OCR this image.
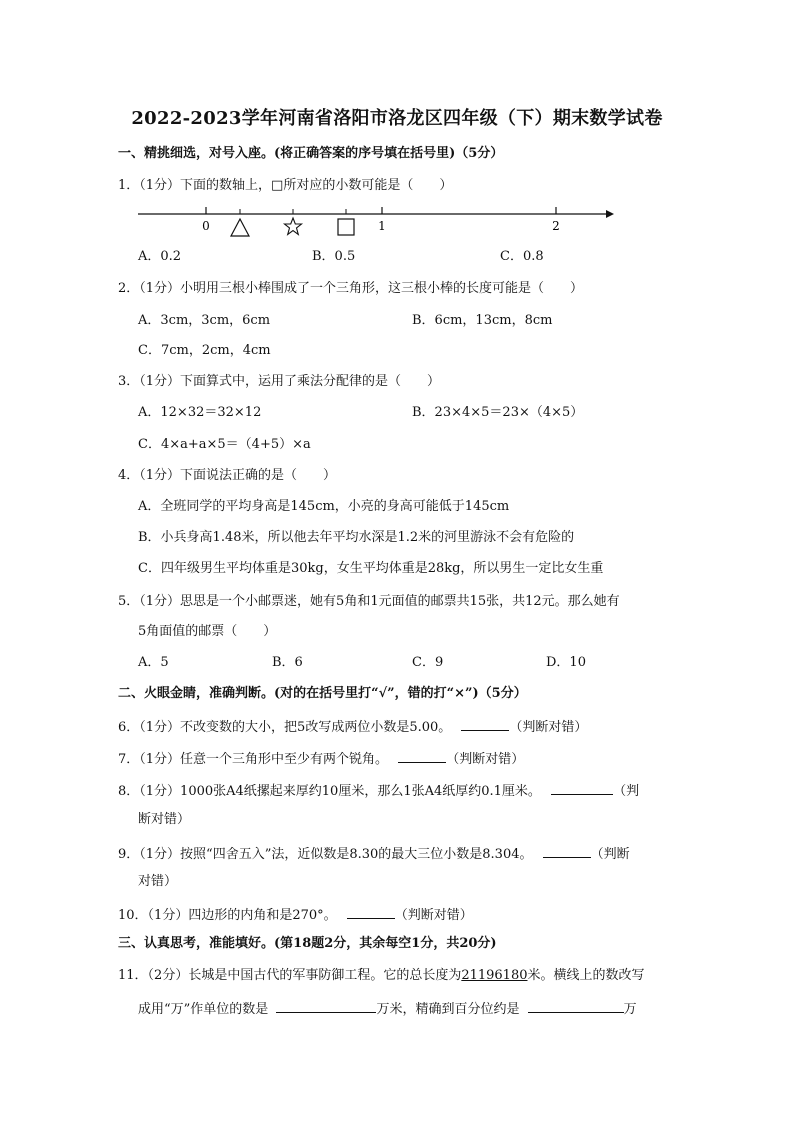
2022-2023学年河南省洛阳市洛龙区四年级（下）期末数学试卷
一、精挑细选，对号入座。(将正确答案的序号填在括号里)（5分）
1．（1分）下面的数轴上，□所对应的小数可能是（　　）
0	1	2
A．0.2	B．0.5	C．0.8
2．（1分）小明用三根小棒围成了一个三角形，这三根小棒的长度可能是（　　）
A．3cm，3cm，6cm	B．6cm，13cm，8cm
C．7cm，2cm，4cm
3．（1分）下面算式中，运用了乘法分配律的是（　　）
A．12×32＝32×12	B．23×4×5＝23×（4×5）
C．4×a+a×5＝（4+5）×a
4．（1分）下面说法正确的是（　　）
A．全班同学的平均身高是145cm，小亮的身高可能低于145cm
B．小兵身高1.48米，所以他去年平均水深是1.2米的河里游泳不会有危险的
C．四年级男生平均体重是30kg，女生平均体重是28kg，所以男生一定比女生重
5．（1分）思思是一个小邮票迷，她有5角和1元面值的邮票共15张，共12元。那么她有
5角面值的邮票（　　）
A．5	B．6	C．9	D．10
二、火眼金睛，准确判断。(对的在括号里打“√”，错的打“×”)（5分）
6．（1分）不改变数的大小，把5改写成两位小数是5.00。	（判断对错）
7．（1分）任意一个三角形中至少有两个锐角。	（判断对错）
8．（1分）1000张A4纸摞起来厚约10厘米，那么1张A4纸厚约0.1厘米。	（判
断对错）
9．（1分）按照“四舍五入”法，近似数是8.30的最大三位小数是8.304。	（判断
对错）
10．（1分）四边形的内角和是270°。	（判断对错）
三、认真思考，准能填好。(第18题2分，其余每空1分，共20分)
11．（2分）长城是中国古代的军事防御工程。它的总长度为21196180米。横线上的数改写
成用“万”作单位的数是	万米，精确到百分位约是	万
